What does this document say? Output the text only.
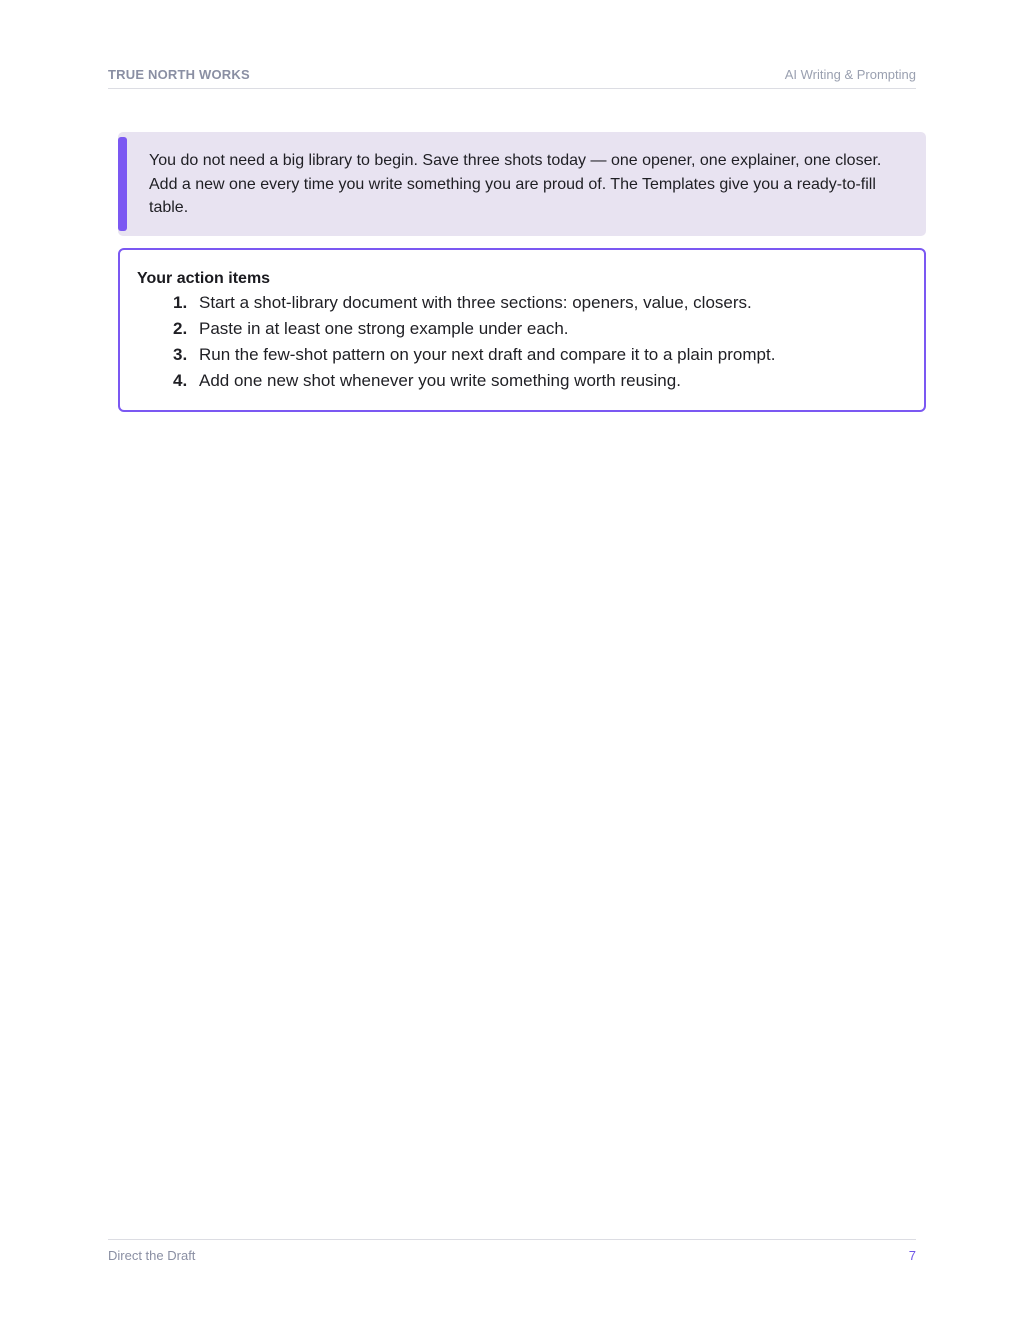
TRUE NORTH WORKS	AI Writing & Prompting

You do not need a big library to begin. Save three shots today — one opener, one explainer, one closer. Add a new one every time you write something you are proud of. The Templates give you a ready-to-fill table.

Your action items

1. Start a shot-library document with three sections: openers, value, closers.
2. Paste in at least one strong example under each.
3. Run the few-shot pattern on your next draft and compare it to a plain prompt.
4. Add one new shot whenever you write something worth reusing.
Direct the Draft	7
